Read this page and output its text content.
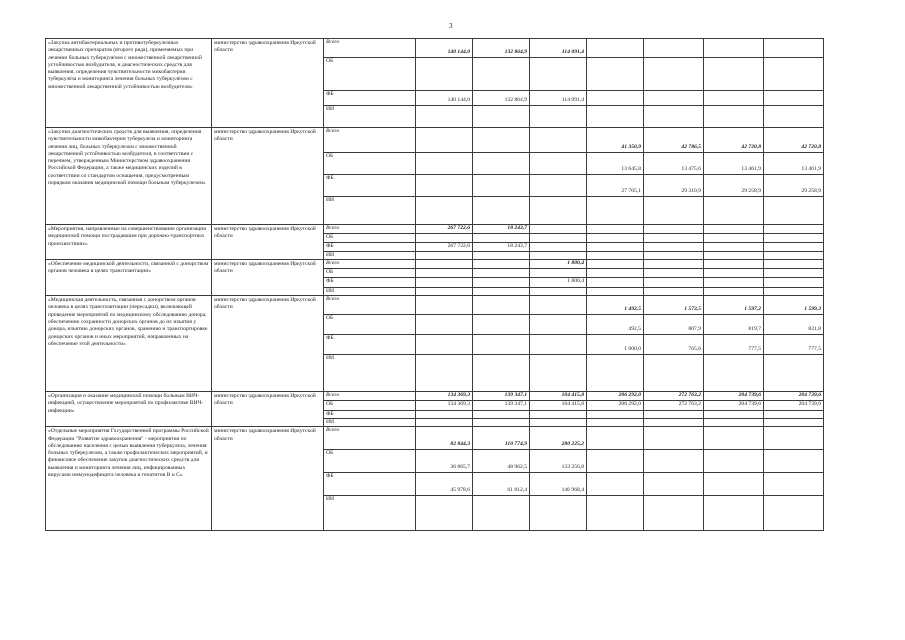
3
«Закупка антибактериальных и противотуберкулезных лекарственных препаратов (второго ряда), применяемых при лечении больных туберкулезом с множественной лекарственной устойчивостью возбудителя, и диагностических средств для выявления, определения чувствительности микобактерии туберкулёза и мониторинга лечения больных туберкулёзом с множественной лекарственной устойчивостью возбудителя»	министерство здравоохранения Иркутской области	Всего	140 144,0	132 864,9	114 091,4				
		ОБ							
		ФБ	140 144,0	132 864,9	114 091,4				
		ИИ							
«Закупки диагностических средств для выявления, определения чувствительности микобактерии туберкулеза и мониторинга лечения лиц, больных туберкулезом с множественной лекарственной устойчивостью возбудителя, в соответствии с перечнем, утвержденным Министерством здравоохранения Российской Федерации, а также медицинских изделий в соответствии со стандартом оснащения, предусмотренным порядком оказания медицинской помощи больным туберкулезом»	министерство здравоохранения Иркутской области	Всего				41 350,9	42 786,5	42 720,8	42 720,8
		ОБ				13 645,8	13 475,6	13 461,9	13 461,9
		ФБ				27 705,1	29 310,9	29 258,9	29 258,9
		ИИ							
«Мероприятия, направленные на совершенствование организации медицинской помощи пострадавшим при дорожно-транспортных происшествиях»	министерство здравоохранения Иркутской области	Всего	267 722,6	18 243,7					
		ОБ							
		ФБ	267 722,6	18 243,7					
		ИИ							
«Обеспечение медицинской деятельности, связанной с донорством органов человека в целях трансплантации»	министерство здравоохранения Иркутской области	Всего			1 800,4				
		ОБ							
		ФБ			1 800,4				
		ИИ							
«Медицинская деятельность, связанная с донорством органов человека в целях трансплантации (пересадки), включающей проведение мероприятий по медицинскому обследованию донора, обеспечению сохранности донорских органов до их изъятия у донора, изъятию донорских органов, хранению и транспортировке донорских органов и иных мероприятий, направленных на обеспечение этой деятельности»	министерство здравоохранения Иркутской области	Всего				1 492,5	1 573,5	1 597,2	1 599,3
		ОБ				492,5	807,9	819,7	821,8
		ФБ				1 000,0	765,6	777,5	777,5
		ИИ							
«Организация и оказание медицинской помощи больным ВИЧ-инфекцией, осуществление мероприятий по профилактике ВИЧ-инфекции»	министерство здравоохранения Иркутской области	Всего	134 369,3	139 347,1	104 415,8	206 292,0	272 763,2	204 739,6	204 739,6
		ОБ	134 369,3	139 347,1	104 415,8	206 292,0	272 763,2	204 739,6	204 739,6
		ФБ							
		ИИ							
«Отдельные мероприятия Государственной программы Российской Федерации "Развитие здравоохранения" - мероприятия по обследованию населения с целью выявления туберкулеза, лечения больных туберкулезом, а также профилактических мероприятий, и финансовое обеспечение закупок диагностических средств для выявления и мониторинга лечения лиц, инфицированных вирусами иммунодефицита человека и гепатитов B и C»	министерство здравоохранения Иркутской области	Всего	82 844,3	110 774,9	280 225,2				
		ОБ	36 865,7	48 962,5	133 256,8				
		ФБ	45 978,6	61 812,4	146 968,4				
		ИИ							
